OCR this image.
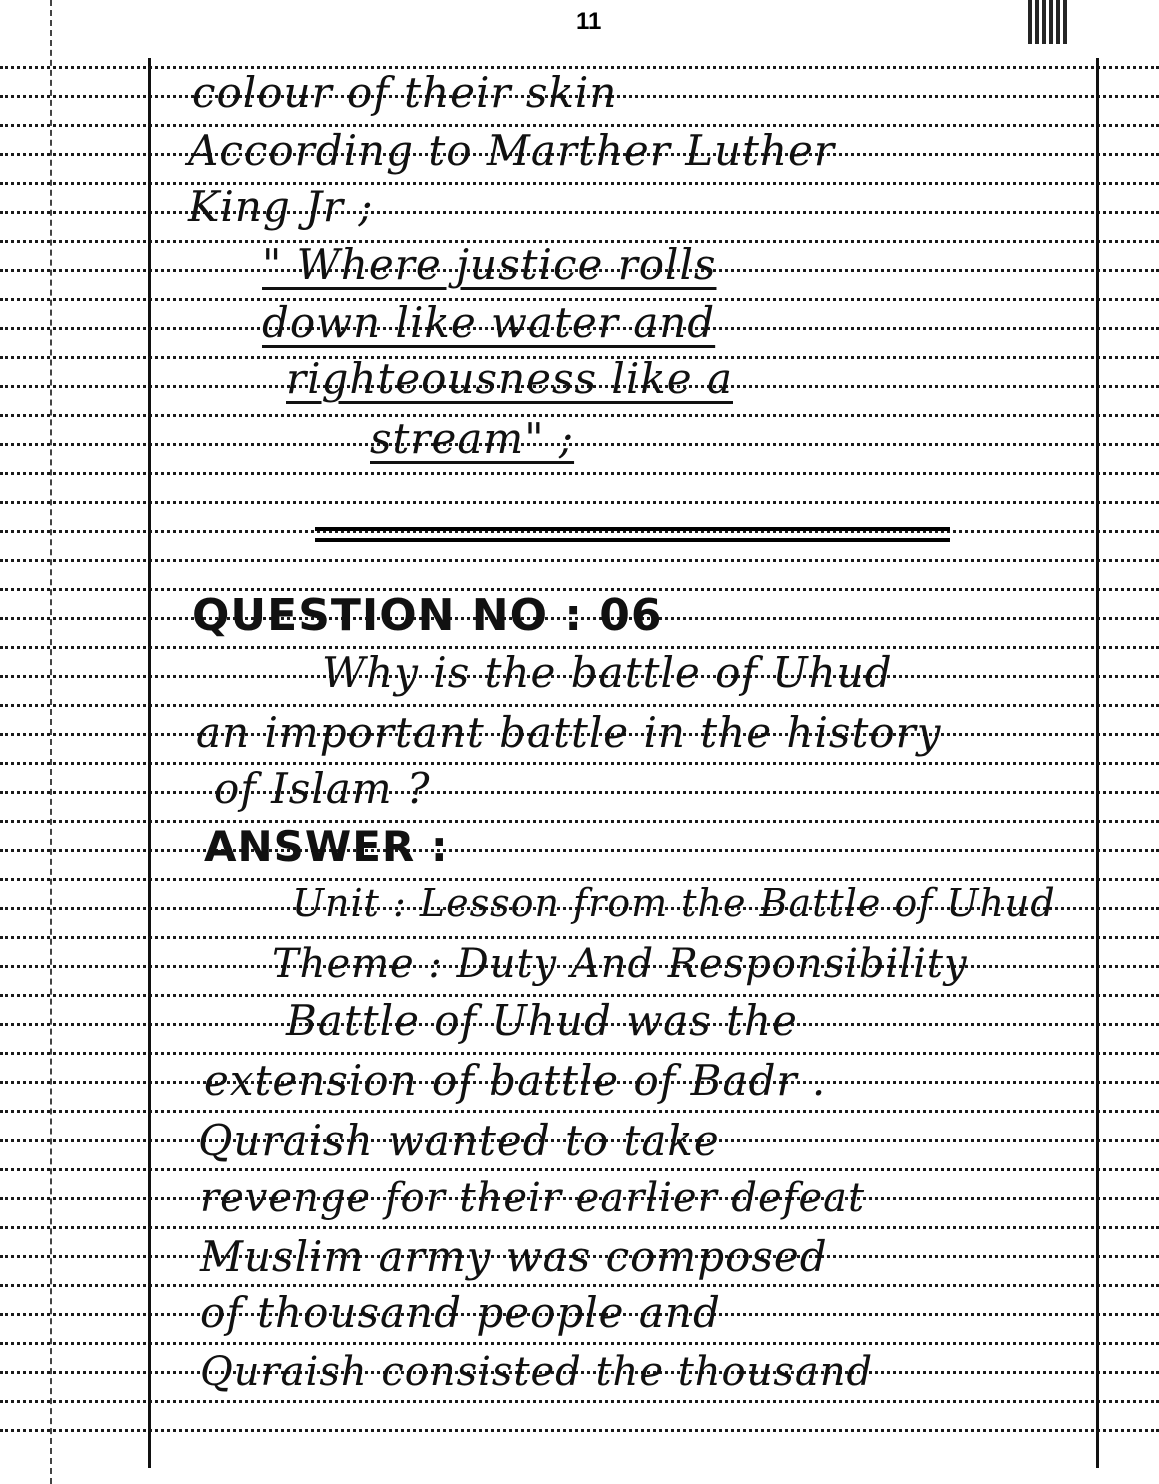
11
colour of their skin
According to Marther Luther
King Jr ;
" Where justice rolls
down like water and
righteousness like a
stream" ;
QUESTION NO : 06
Why is the battle of Uhud
an important battle in the history
of Islam ?
ANSWER :
Unit : Lesson from the Battle of Uhud
Theme : Duty And Responsibility
Battle of Uhud was the
extension of battle of Badr .
Quraish wanted to take
revenge for their earlier defeat
Muslim army was composed
of thousand people and
Quraish consisted the thousand
